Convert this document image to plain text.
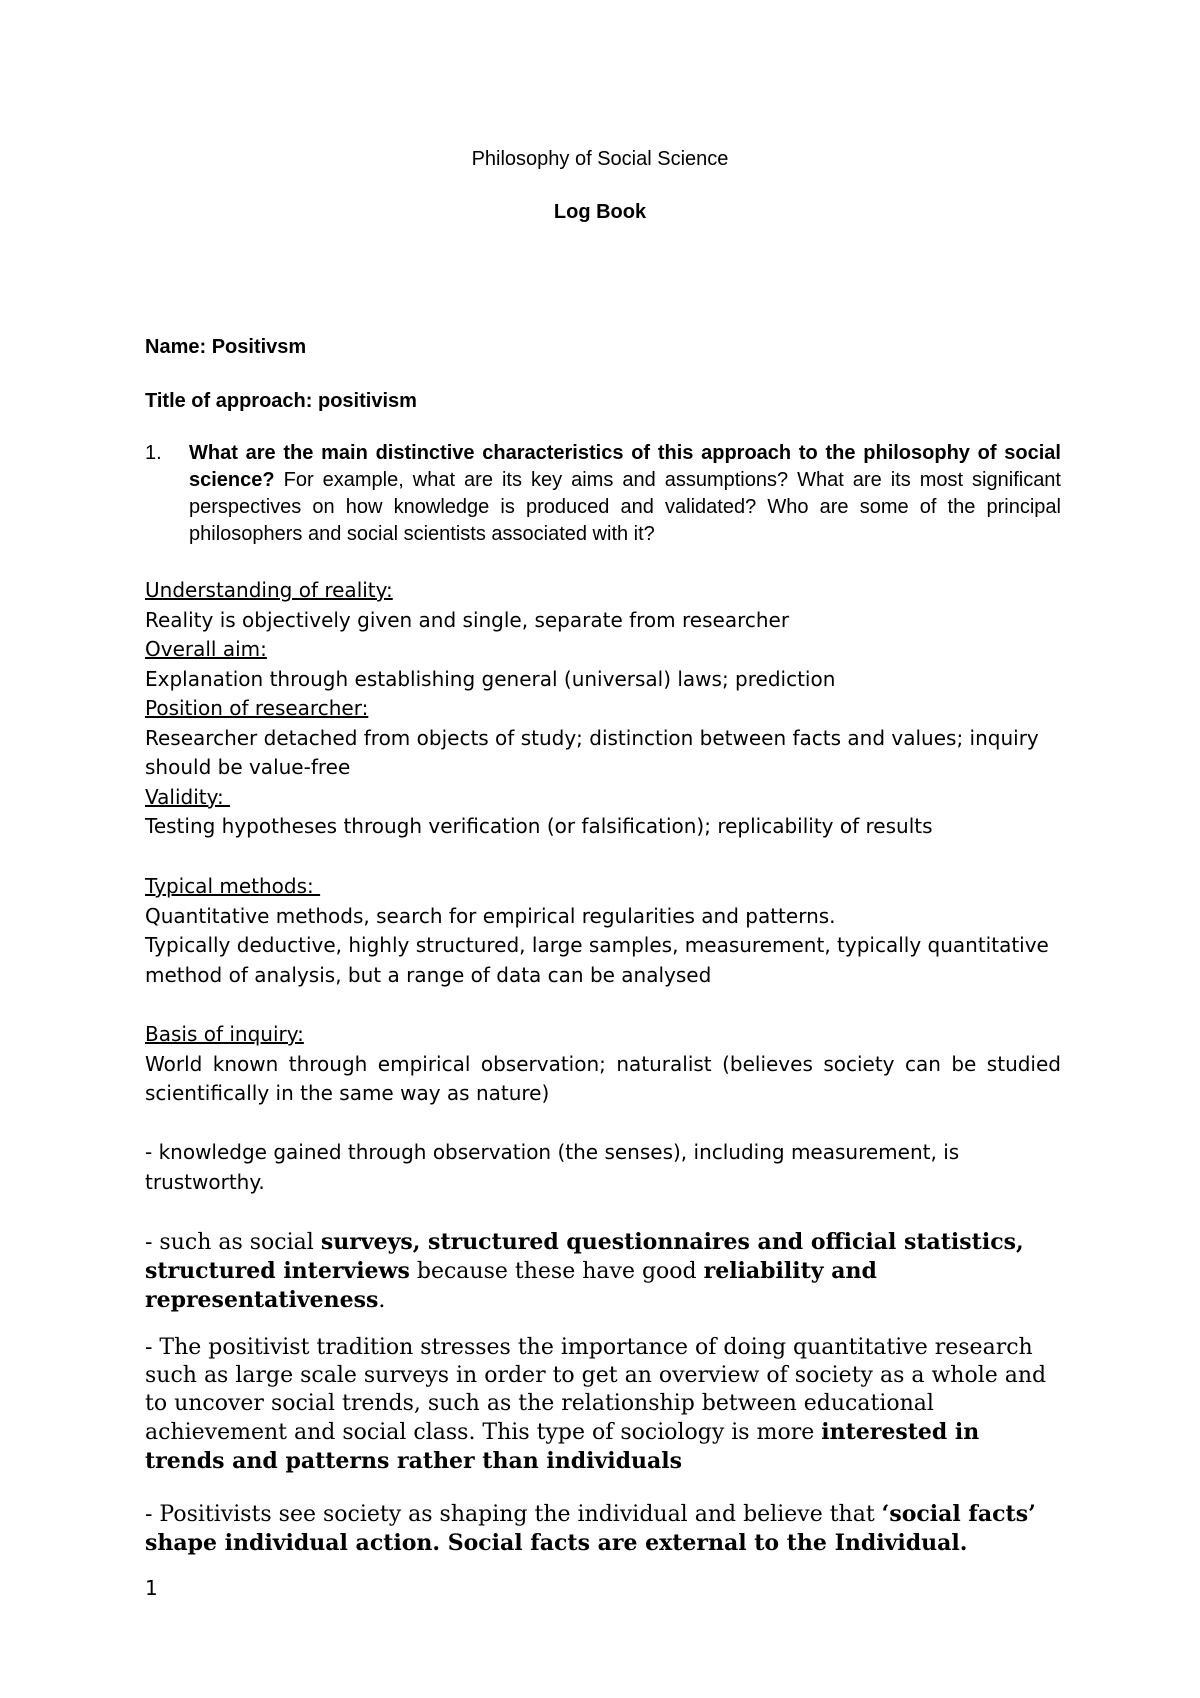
Philosophy of Social Science
Log Book
Name: Positivsm
Title of approach: positivism
1. What are the main distinctive characteristics of this approach to the philosophy of social science? For example, what are its key aims and assumptions? What are its most significant perspectives on how knowledge is produced and validated? Who are some of the principal philosophers and social scientists associated with it?
Understanding of reality:
Reality is objectively given and single, separate from researcher
Overall aim:
Explanation through establishing general (universal) laws; prediction
Position of researcher:
Researcher detached from objects of study; distinction between facts and values; inquiry should be value-free
Validity:
Testing hypotheses through verification (or falsification); replicability of results
Typical methods:
Quantitative methods, search for empirical regularities and patterns.
Typically deductive, highly structured, large samples, measurement, typically quantitative method of analysis, but a range of data can be analysed
Basis of inquiry:
World known through empirical observation; naturalist (believes society can be studied scientifically in the same way as nature)
- knowledge gained through observation (the senses), including measurement, is trustworthy.
- such as social surveys, structured questionnaires and official statistics, structured interviews because these have good reliability and representativeness.
- The positivist tradition stresses the importance of doing quantitative research such as large scale surveys in order to get an overview of society as a whole and to uncover social trends, such as the relationship between educational achievement and social class. This type of sociology is more interested in trends and patterns rather than individuals
- Positivists see society as shaping the individual and believe that ‘social facts’ shape individual action. Social facts are external to the Individual.
1
